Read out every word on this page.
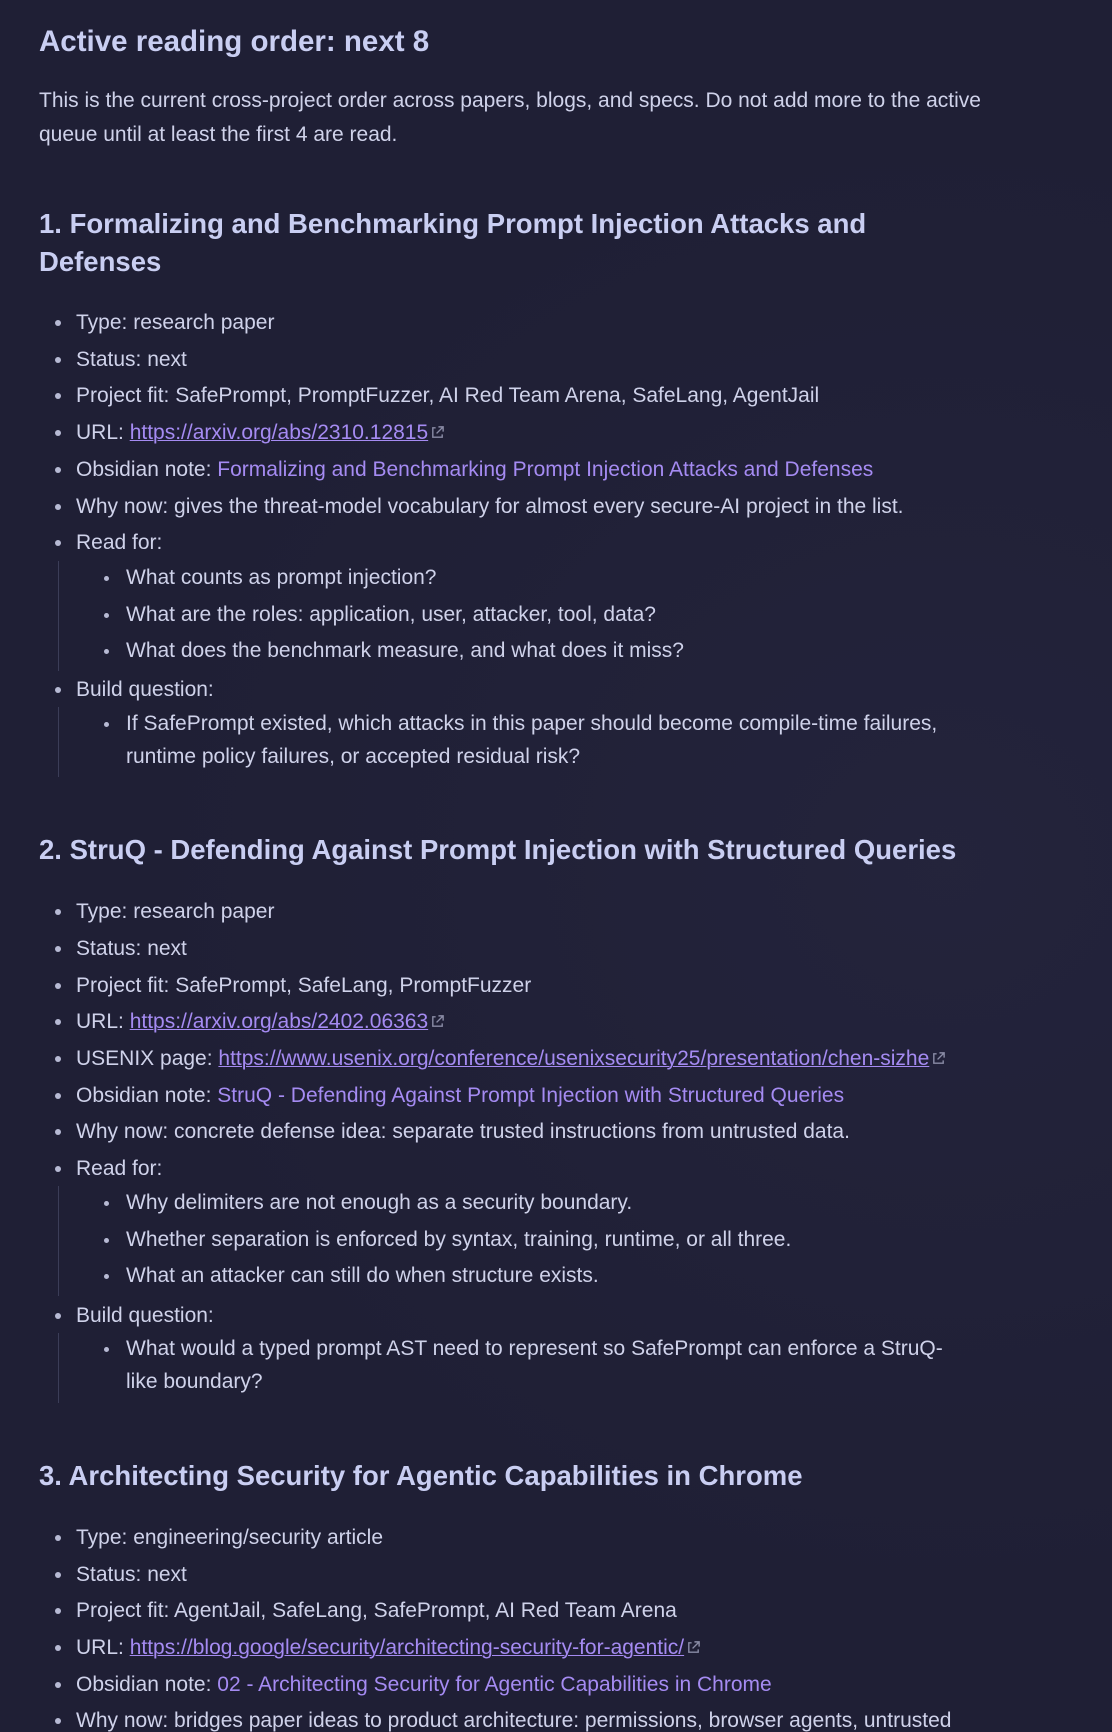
Active reading order: next 8

This is the current cross-project order across papers, blogs, and specs. Do not add more to the active queue until at least the first 4 are read.

1. Formalizing and Benchmarking Prompt Injection Attacks and
Defenses
Type: research paper
Status: next
Project fit: SafePrompt, PromptFuzzer, AI Red Team Arena, SafeLang, AgentJail
URL: https://arxiv.org/abs/2310.12815
Obsidian note: Formalizing and Benchmarking Prompt Injection Attacks and Defenses
Why now: gives the threat-model vocabulary for almost every secure-AI project in the list.
Read for:
What counts as prompt injection?
What are the roles: application, user, attacker, tool, data?
What does the benchmark measure, and what does it miss?
Build question:
If SafePrompt existed, which attacks in this paper should become compile-time failures,
runtime policy failures, or accepted residual risk?
2. StruQ - Defending Against Prompt Injection with Structured Queries
Type: research paper
Status: next
Project fit: SafePrompt, SafeLang, PromptFuzzer
URL: https://arxiv.org/abs/2402.06363
USENIX page: https://www.usenix.org/conference/usenixsecurity25/presentation/chen-sizhe
Obsidian note: StruQ - Defending Against Prompt Injection with Structured Queries
Why now: concrete defense idea: separate trusted instructions from untrusted data.
Read for:
Why delimiters are not enough as a security boundary.
Whether separation is enforced by syntax, training, runtime, or all three.
What an attacker can still do when structure exists.
Build question:
What would a typed prompt AST need to represent so SafePrompt can enforce a StruQ-
like boundary?
3. Architecting Security for Agentic Capabilities in Chrome
Type: engineering/security article
Status: next
Project fit: AgentJail, SafeLang, SafePrompt, AI Red Team Arena
URL: https://blog.google/security/architecting-security-for-agentic/
Obsidian note: 02 - Architecting Security for Agentic Capabilities in Chrome
Why now: bridges paper ideas to product architecture: permissions, browser agents, untrusted
